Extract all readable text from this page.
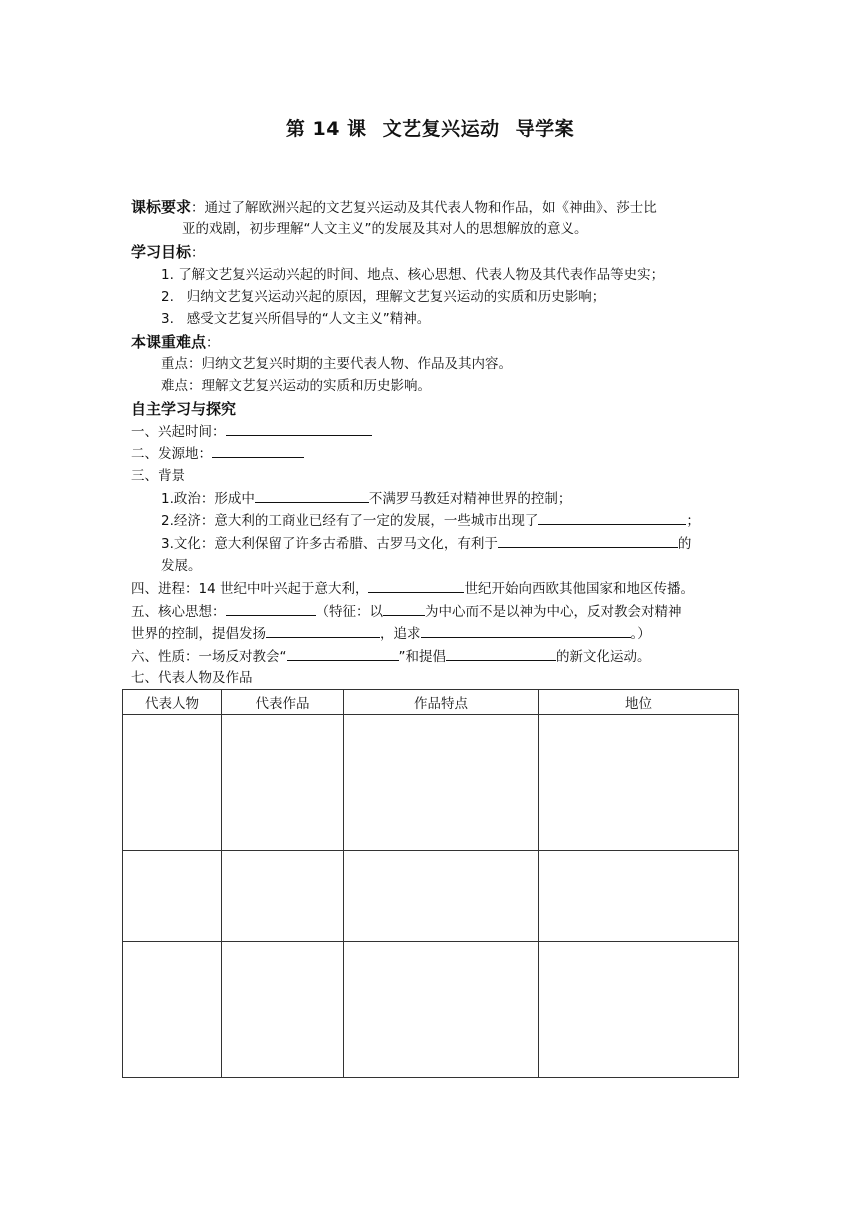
第 14 课 文艺复兴运动 导学案
课标要求：通过了解欧洲兴起的文艺复兴运动及其代表人物和作品，如《神曲》、莎士比
亚的戏剧，初步理解“人文主义”的发展及其对人的思想解放的意义。
学习目标：
1. 了解文艺复兴运动兴起的时间、地点、核心思想、代表人物及其代表作品等史实；
2. 归纳文艺复兴运动兴起的原因，理解文艺复兴运动的实质和历史影响；
3. 感受文艺复兴所倡导的“人文主义”精神。
本课重难点：
重点：归纳文艺复兴时期的主要代表人物、作品及其内容。
难点：理解文艺复兴运动的实质和历史影响。
自主学习与探究
一、兴起时间：
二、发源地：
三、背景
1.政治：形成中	不满罗马教廷对精神世界的控制；
2.经济：意大利的工商业已经有了一定的发展，一些城市出现了	；
3.文化：意大利保留了许多古希腊、古罗马文化，有利于	的
发展。
四、进程：14 世纪中叶兴起于意大利，	世纪开始向西欧其他国家和地区传播。
五、核心思想：	（特征：以	为中心而不是以神为中心，反对教会对精神
世界的控制，提倡发扬	，追求	。）
六、性质：一场反对教会“	”和提倡	的新文化运动。
七、代表人物及作品
代表人物	代表作品	作品特点	地位
